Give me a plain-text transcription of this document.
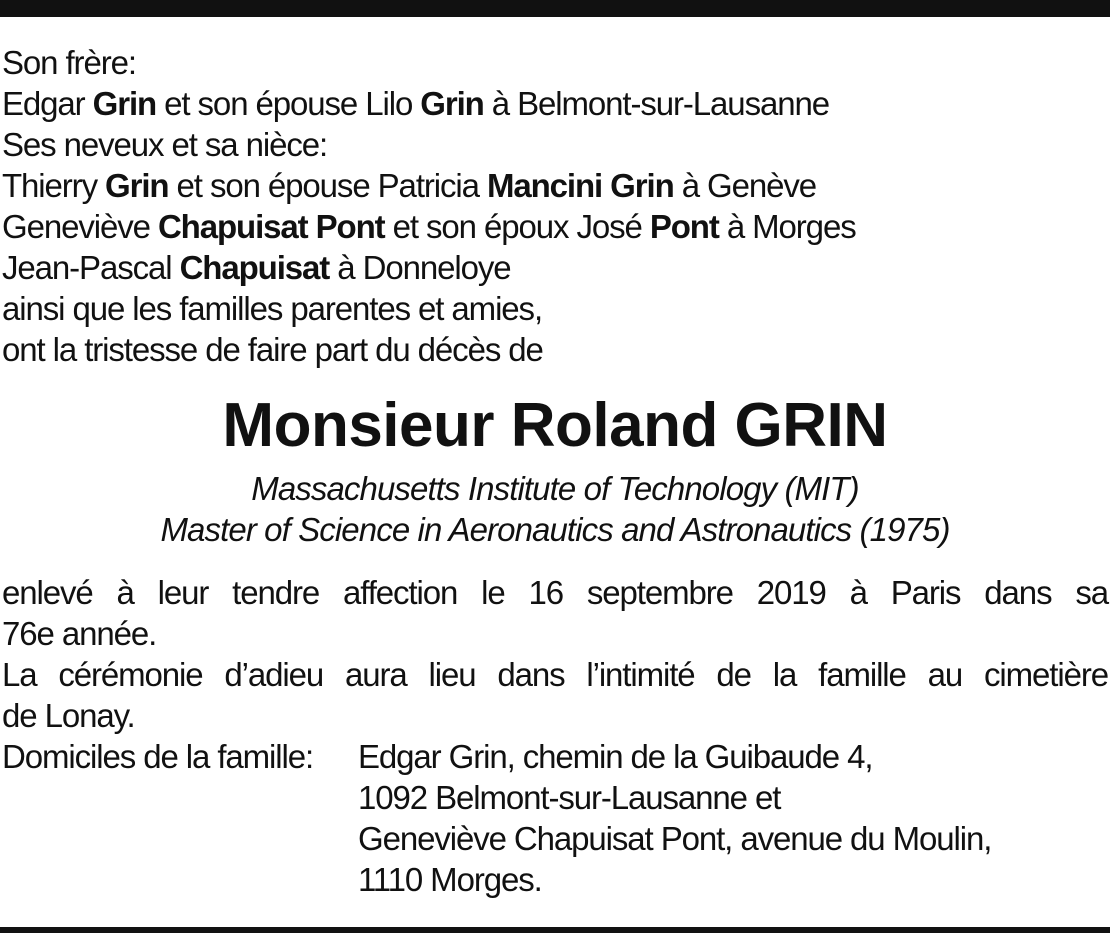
Son frère:
Edgar Grin et son épouse Lilo Grin à Belmont-sur-Lausanne
Ses neveux et sa nièce:
Thierry Grin et son épouse Patricia Mancini Grin à Genève
Geneviève Chapuisat Pont et son époux José Pont à Morges
Jean-Pascal Chapuisat à Donneloye
ainsi que les familles parentes et amies,
ont la tristesse de faire part du décès de
Monsieur Roland GRIN
Massachusetts Institute of Technology (MIT)
Master of Science in Aeronautics and Astronautics (1975)
enlevé à leur tendre affection le 16 septembre 2019 à Paris dans sa
76e année.
La cérémonie d’adieu aura lieu dans l’intimité de la famille au cimetière
de Lonay.
Domiciles de la famille:	Edgar Grin, chemin de la Guibaude 4,
1092 Belmont-sur-Lausanne et
Geneviève Chapuisat Pont, avenue du Moulin,
1110 Morges.
